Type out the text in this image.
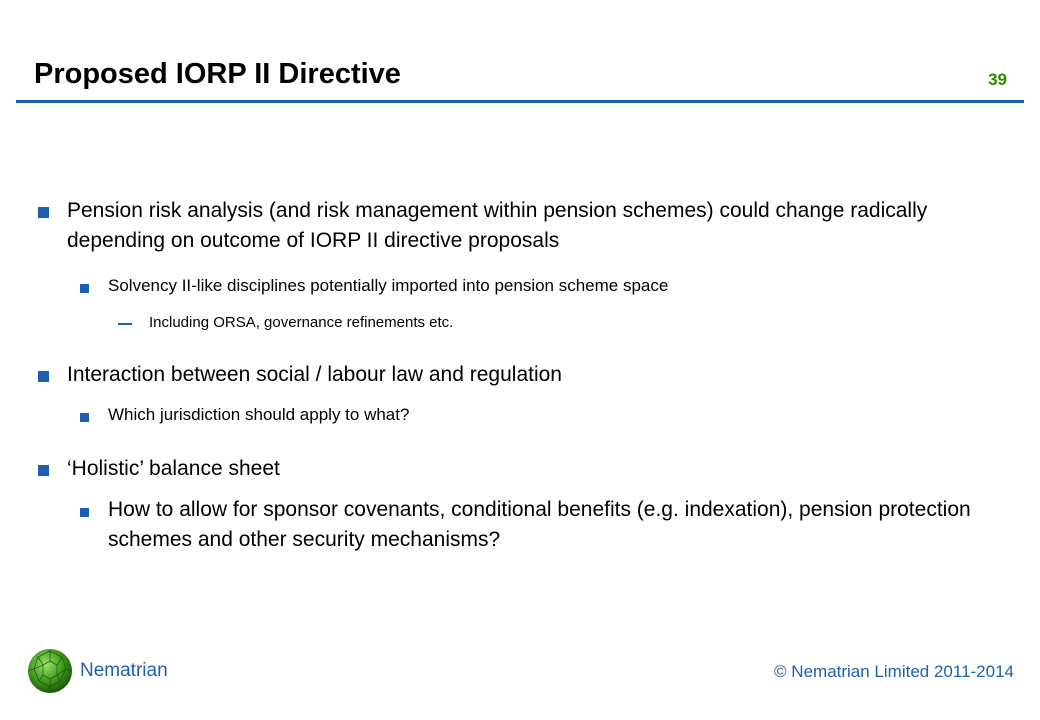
Proposed IORP II Directive	39
Pension risk analysis (and risk management within pension schemes) could change radically depending on outcome of IORP II directive proposals
Solvency II-like disciplines potentially imported into pension scheme space
Including ORSA, governance refinements etc.
Interaction between social / labour law and regulation
Which jurisdiction should apply to what?
‘Holistic’ balance sheet
How to allow for sponsor covenants, conditional benefits (e.g. indexation), pension protection schemes and other security mechanisms?
Nematrian	© Nematrian Limited 2011-2014
